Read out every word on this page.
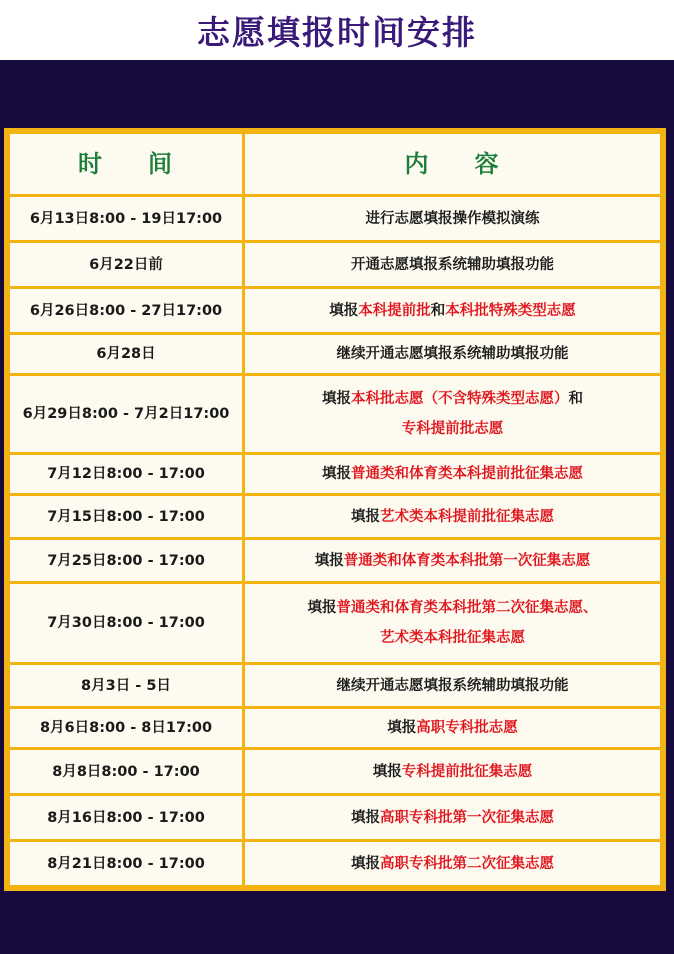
志愿填报时间安排
时 间	内 容
6月13日8:00 - 19日17:00	进行志愿填报操作模拟演练

6月22日前	开通志愿填报系统辅助填报功能

6月26日8:00 - 27日17:00	填报本科提前批和本科批特殊类型志愿

6月28日	继续开通志愿填报系统辅助填报功能

6月29日8:00 - 7月2日17:00	填报本科批志愿（不含特殊类型志愿）和
专科提前批志愿

7月12日8:00 - 17:00	填报普通类和体育类本科提前批征集志愿

7月15日8:00 - 17:00	填报艺术类本科提前批征集志愿

7月25日8:00 - 17:00	填报普通类和体育类本科批第一次征集志愿

7月30日8:00 - 17:00	填报普通类和体育类本科批第二次征集志愿、
艺术类本科批征集志愿

8月3日 - 5日	继续开通志愿填报系统辅助填报功能

8月6日8:00 - 8日17:00	填报高职专科批志愿

8月8日8:00 - 17:00	填报专科提前批征集志愿

8月16日8:00 - 17:00	填报高职专科批第一次征集志愿

8月21日8:00 - 17:00	填报高职专科批第二次征集志愿
